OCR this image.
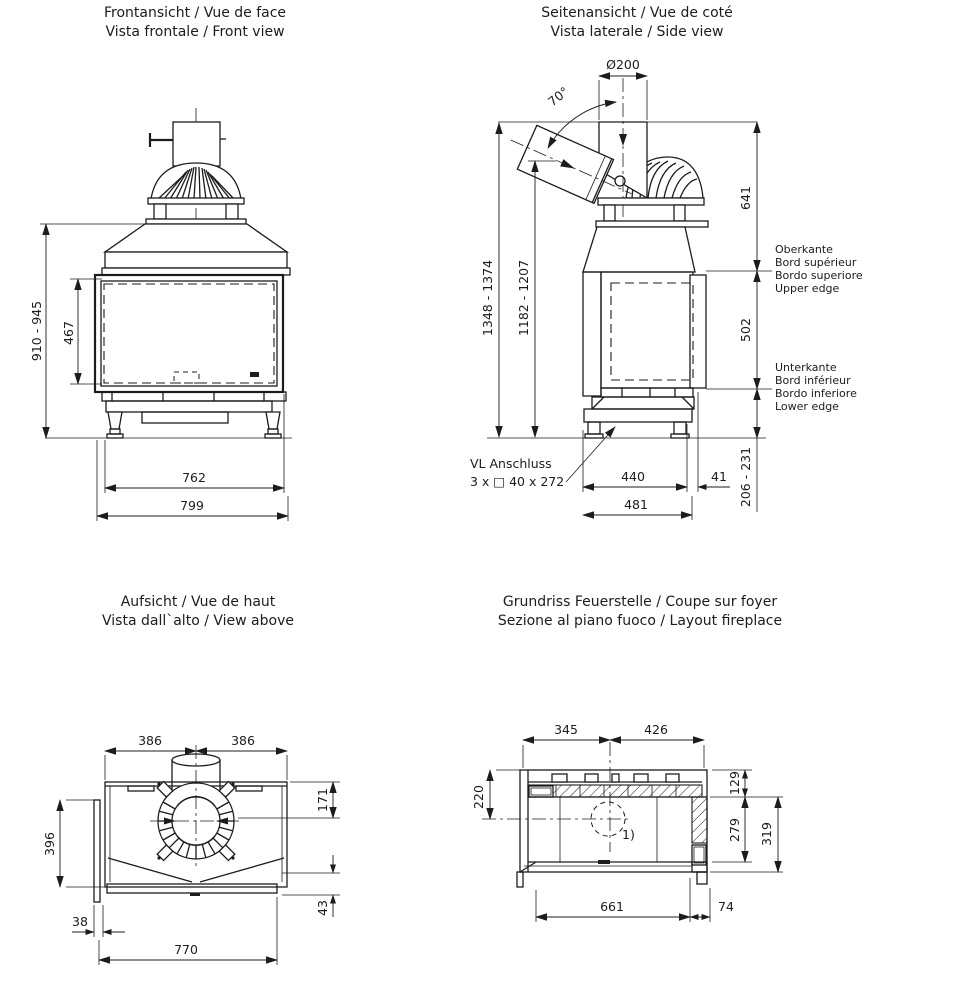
Frontansicht / Vue de face
Vista frontale / Front view
Seitenansicht / Vue de coté
Vista laterale / Side view
Aufsicht / Vue de haut
Vista dall`alto / View above
Grundriss Feuerstelle / Coupe sur foyer
Sezione al piano fuoco / Layout fireplace
910 - 945 467
762
799
70°
Ø200
1348 - 1374 1182 - 1207
641
502
206 - 231
Oberkante
Bord supérieur
Bordo superiore
Upper edge
Unterkante
Bord inférieur
Bordo inferiore
Lower edge
VL Anschluss
3 x □ 40 x 272	440	41
481
386	386
396
171
43
38
770
1)
345	426
220
129
279 319
661	74
